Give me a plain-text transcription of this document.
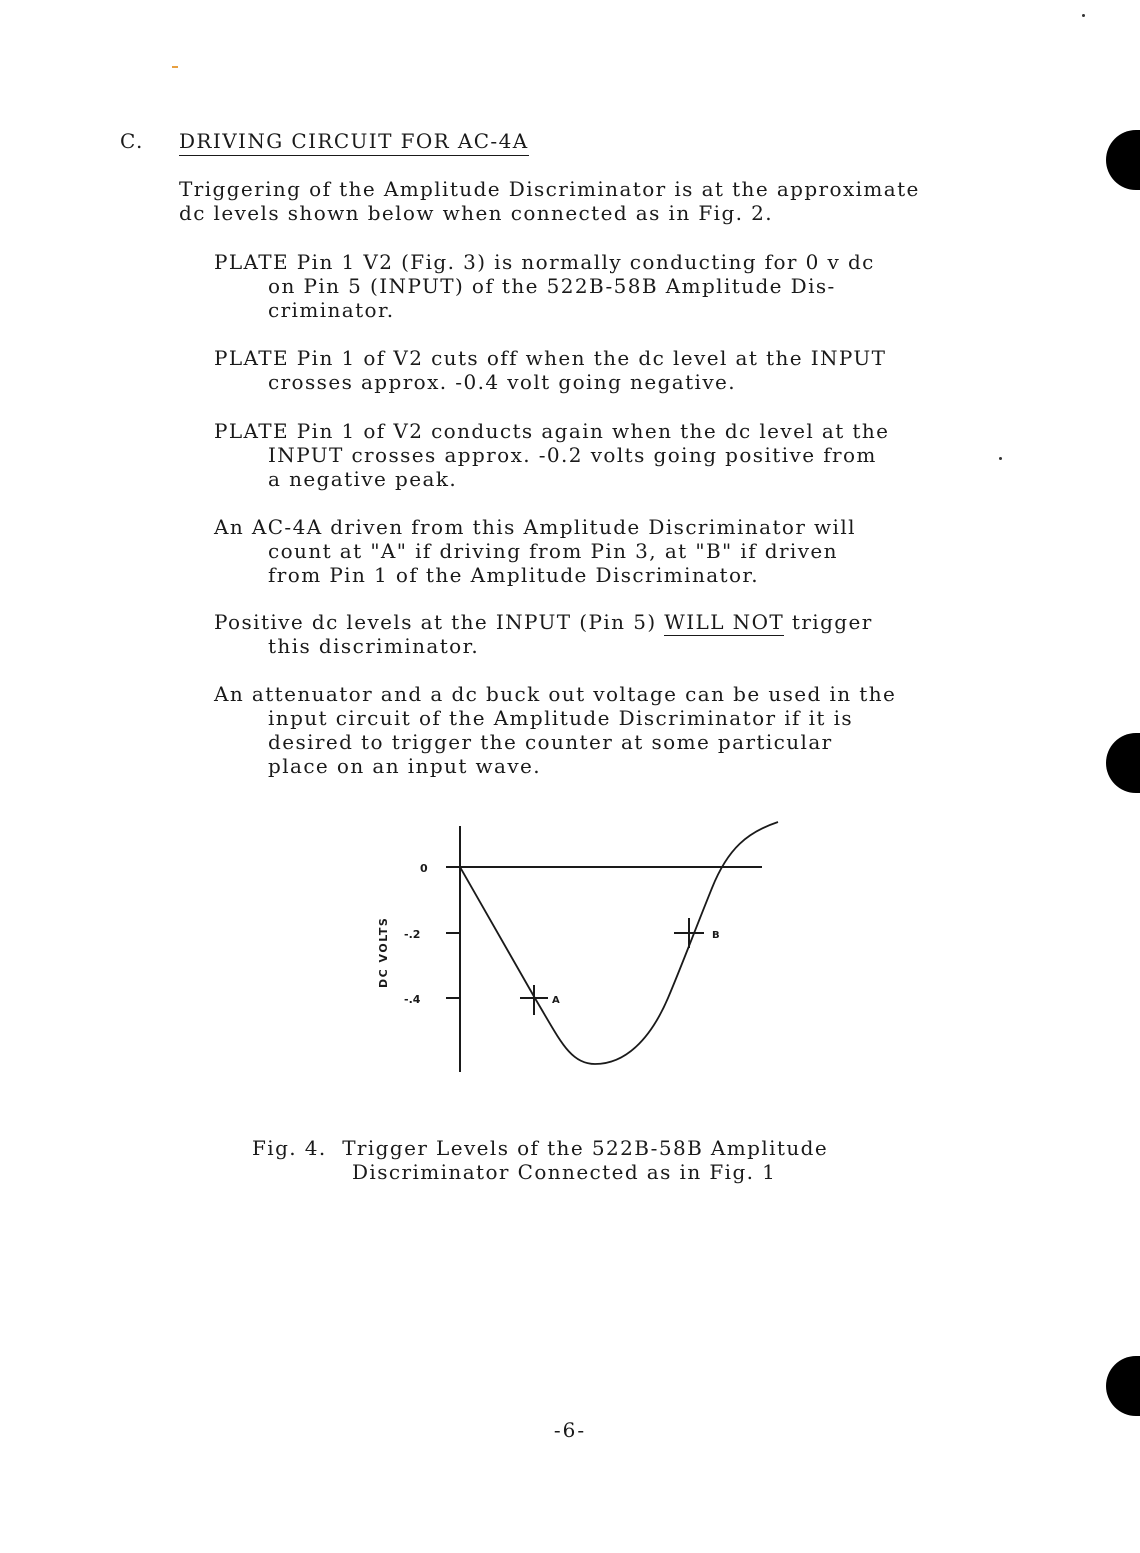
C. DRIVING CIRCUIT FOR AC-4A
Triggering of the Amplitude Discriminator is at the approximate
dc levels shown below when connected as in Fig. 2.
PLATE Pin 1 V2 (Fig. 3) is normally conducting for 0 v dc
on Pin 5 (INPUT) of the 522B-58B Amplitude Dis-
criminator.
PLATE Pin 1 of V2 cuts off when the dc level at the INPUT
crosses approx. -0.4 volt going negative.
PLATE Pin 1 of V2 conducts again when the dc level at the
INPUT crosses approx. -0.2 volts going positive from
a negative peak.
An AC-4A driven from this Amplitude Discriminator will
count at "A" if driving from Pin 3, at "B" if driven
from Pin 1 of the Amplitude Discriminator.
Positive dc levels at the INPUT (Pin 5) WILL NOT trigger
this discriminator.
An attenuator and a dc buck out voltage can be used in the
input circuit of the Amplitude Discriminator if it is
desired to trigger the counter at some particular
place on an input wave.
0
-.2
-.4
DC VOLTS
A
B
Fig. 4.  Trigger Levels of the 522B-58B Amplitude
Discriminator Connected as in Fig. 1
-6-
